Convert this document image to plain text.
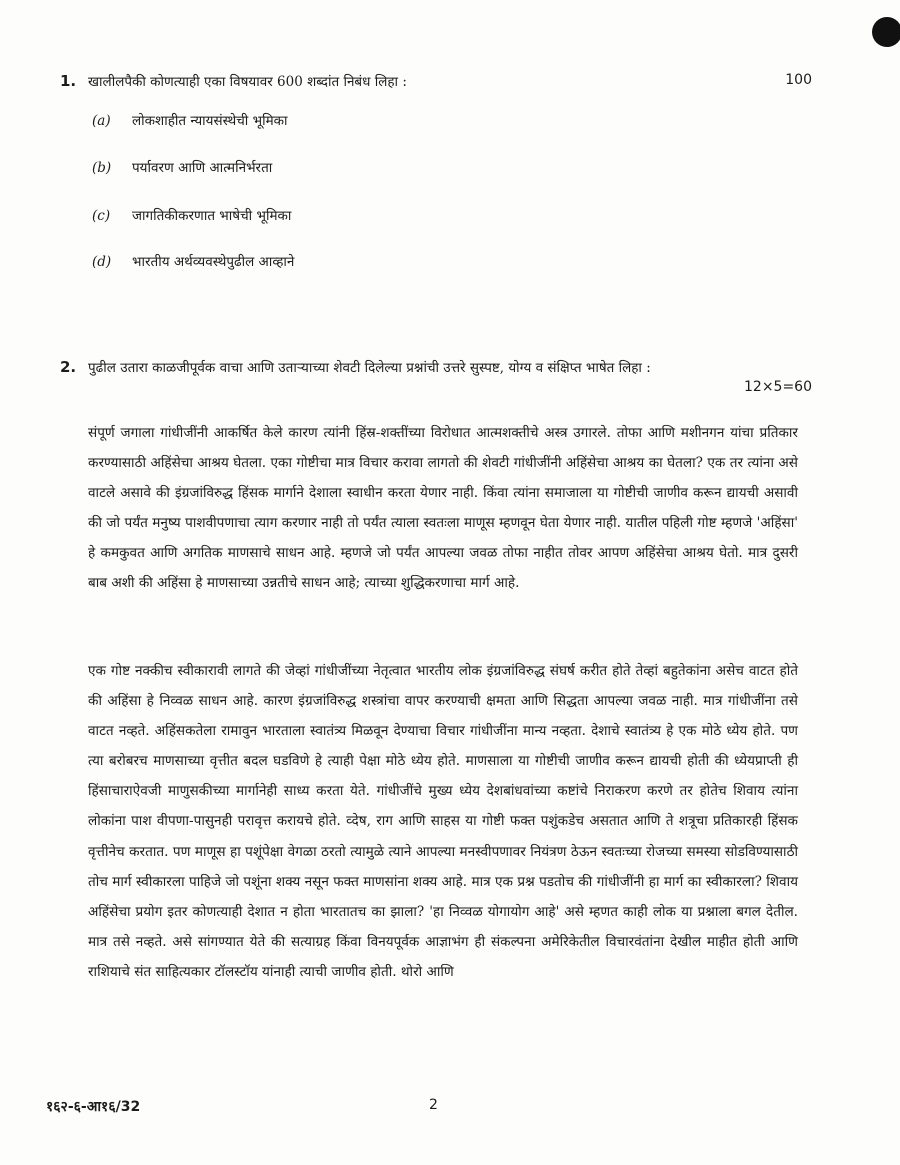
1. खालीलपैकी कोणत्याही एका विषयावर 600 शब्दांत निबंध लिहा :	100
(a) लोकशाहीत न्यायसंस्थेची भूमिका
(b) पर्यावरण आणि आत्मनिर्भरता
(c) जागतिकीकरणात भाषेची भूमिका
(d) भारतीय अर्थव्यवस्थेपुढील आव्हाने
2. पुढील उतारा काळजीपूर्वक वाचा आणि उताऱ्याच्या शेवटी दिलेल्या प्रश्नांची उत्तरे सुस्पष्ट, योग्य व संक्षिप्त भाषेत लिहा :
12×5=60

संपूर्ण जगाला गांधीजींनी आकर्षित केले कारण त्यांनी हिंस्र-शक्तींच्या विरोधात आत्मशक्तीचे अस्त्र उगारले. तोफा आणि मशीनगन यांचा प्रतिकार करण्यासाठी अहिंसेचा आश्रय घेतला. एका गोष्टीचा मात्र विचार करावा लागतो की शेवटी गांधीजींनी अहिंसेचा आश्रय का घेतला? एक तर त्यांना असे वाटले असावे की इंग्रजांविरुद्ध हिंसक मार्गाने देशाला स्वाधीन करता येणार नाही. किंवा त्यांना समाजाला या गोष्टीची जाणीव करून द्यायची असावी की जो पर्यंत मनुष्य पाशवीपणाचा त्याग करणार नाही तो पर्यंत त्याला स्वतःला माणूस म्हणवून घेता येणार नाही. यातील पहिली गोष्ट म्हणजे 'अहिंसा' हे कमकुवत आणि अगतिक माणसाचे साधन आहे. म्हणजे जो पर्यंत आपल्या जवळ तोफा नाहीत तोवर आपण अहिंसेचा आश्रय घेतो. मात्र दुसरी बाब अशी की अहिंसा हे माणसाच्या उन्नतीचे साधन आहे; त्याच्या शुद्धिकरणाचा मार्ग आहे.

एक गोष्ट नक्कीच स्वीकारावी लागते की जेव्हां गांधीजींच्या नेतृत्वात भारतीय लोक इंग्रजांविरुद्ध संघर्ष करीत होते तेव्हां बहुतेकांना असेच वाटत होते की अहिंसा हे निव्वळ साधन आहे. कारण इंग्रजांविरुद्ध शस्त्रांचा वापर करण्याची क्षमता आणि सिद्धता आपल्या जवळ नाही. मात्र गांधीजींना तसे वाटत नव्हते. अहिंसकतेला रामावुन भारताला स्वातंत्र्य मिळवून देण्याचा विचार गांधीजींना मान्य नव्हता. देशाचे स्वातंत्र्य हे एक मोठे ध्येय होते. पण त्या बरोबरच माणसाच्या वृत्तीत बदल घडविणे हे त्याही पेक्षा मोठे ध्येय होते. माणसाला या गोष्टीची जाणीव करून द्यायची होती की ध्येयप्राप्ती ही हिंसाचाराऐवजी माणुसकीच्या मार्गानेही साध्य करता येते. गांधीजींचे मुख्य ध्येय देशबांधवांच्या कष्टांचे निराकरण करणे तर होतेच शिवाय त्यांना लोकांना पाश वीपणा-पासुनही परावृत्त करायचे होते. व्देष, राग आणि साहस या गोष्टी फक्त पशुंकडेच असतात आणि ते शत्रूचा प्रतिकारही हिंसक वृत्तीनेच करतात. पण माणूस हा पशूंपेक्षा वेगळा ठरतो त्यामुळे त्याने आपल्या मनस्वीपणावर नियंत्रण ठेऊन स्वतःच्या रोजच्या समस्या सोडविण्यासाठी तोच मार्ग स्वीकारला पाहिजे जो पशूंना शक्य नसून फक्त माणसांना शक्य आहे. मात्र एक प्रश्न पडतोच की गांधीजींनी हा मार्ग का स्वीकारला? शिवाय अहिंसेचा प्रयोग इतर कोणत्याही देशात न होता भारतातच का झाला? 'हा निव्वळ योगायोग आहे' असे म्हणत काही लोक या प्रश्नाला बगल देतील. मात्र तसे नव्हते. असे सांगण्यात येते की सत्याग्रह किंवा विनयपूर्वक आज्ञाभंग ही संकल्पना अमेरिकेतील विचारवंतांना देखील माहीत होती आणि राशियाचे संत साहित्यकार टॉलस्टॉय यांनाही त्याची जाणीव होती. थोरो आणि

१६२-६-आ१६/32	2
